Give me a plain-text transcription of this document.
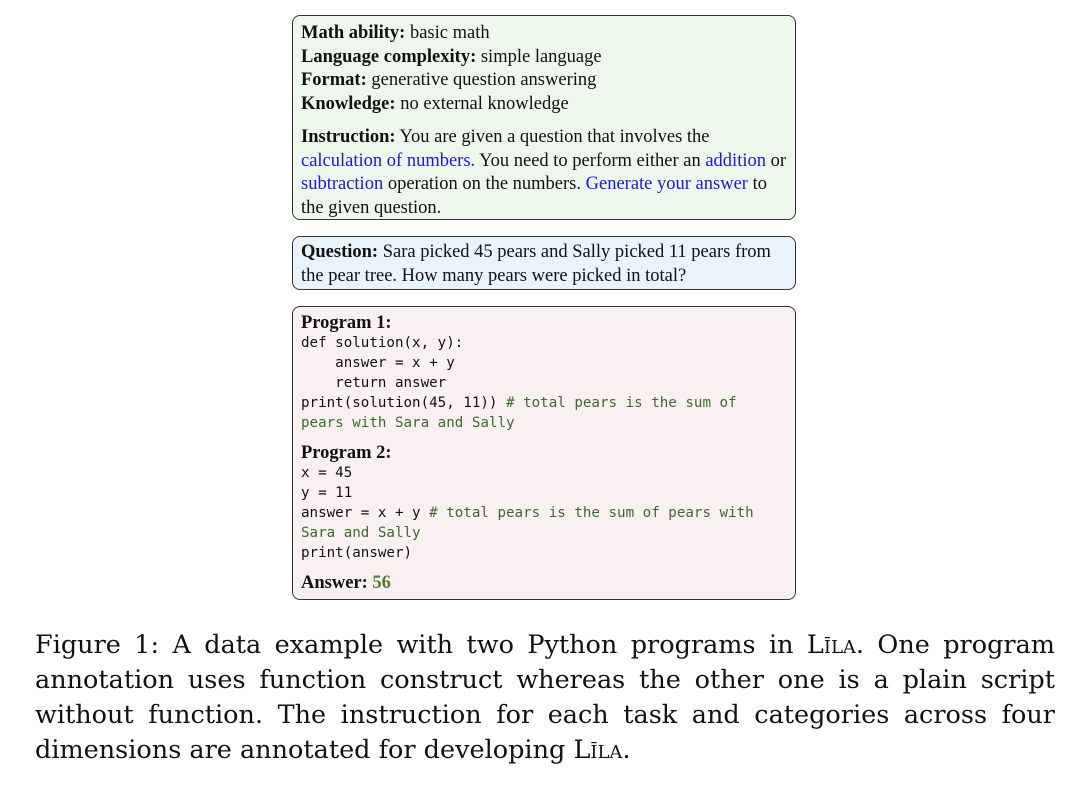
Math ability: basic math
Language complexity: simple language
Format: generative question answering
Knowledge: no external knowledge
Instruction: You are given a question that involves the calculation of numbers. You need to perform either an addition or subtraction operation on the numbers. Generate your answer to the given question.
Question: Sara picked 45 pears and Sally picked 11 pears from the pear tree. How many pears were picked in total?
Program 1:
def solution(x, y):
answer = x + y
return answer
print(solution(45, 11)) # total pears is the sum of pears with Sara and Sally
Program 2:
x = 45
y = 11
answer = x + y # total pears is the sum of pears with Sara and Sally
print(answer)
Answer: 56
Figure 1: A data example with two Python programs in Līla. One program annotation uses function construct whereas the other one is a plain script without function. The instruction for each task and categories across four dimensions are annotated for developing Līla.
